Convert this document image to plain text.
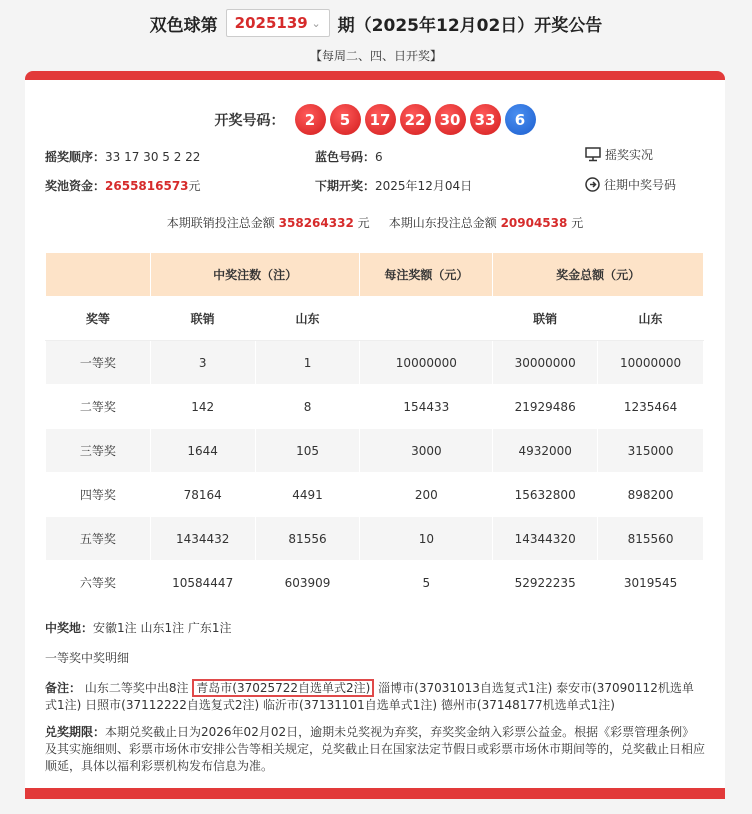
双色球第 2025139 ⌄ 期（2025年12月02日）开奖公告
【每周二、四、日开奖】
开奖号码：	2	5	17 22 30 33	6
摇奖顺序：33 17 30 5 2 22	蓝色号码：6	摇奖实况
奖池资金：2655816573元	下期开奖：2025年12月04日	往期中奖号码
本期联销投注总金额 358264332 元 本期山东投注总金额 20904538 元
	中奖注数（注）		每注奖额（元）	奖金总额（元）	
奖等	联销	山东		联销	山东
一等奖	3	1	10000000	30000000	10000000
二等奖	142	8	154433	21929486	1235464
三等奖	1644	105	3000	4932000	315000
四等奖	78164	4491	200	15632800	898200
五等奖	1434432	81556	10	14344320	815560
六等奖	10584447	603909	5	52922235	3019545
中奖地：安徽1注 山东1注 广东1注
一等奖中奖明细
备注： 山东二等奖中出8注 青岛市(37025722自选单式2注) 淄博市(37031013自选复式1注) 泰安市(37090112机选单式1注) 日照市(37112222自选复式2注) 临沂市(37131101自选单式1注) 德州市(37148177机选单式1注)
兑奖期限：本期兑奖截止日为2026年02月02日，逾期未兑奖视为弃奖，弃奖奖金纳入彩票公益金。根据《彩票管理条例》及其实施细则、彩票市场休市安排公告等相关规定，兑奖截止日在国家法定节假日或彩票市场休市期间等的，兑奖截止日相应顺延，具体以福利彩票机构发布信息为准。
